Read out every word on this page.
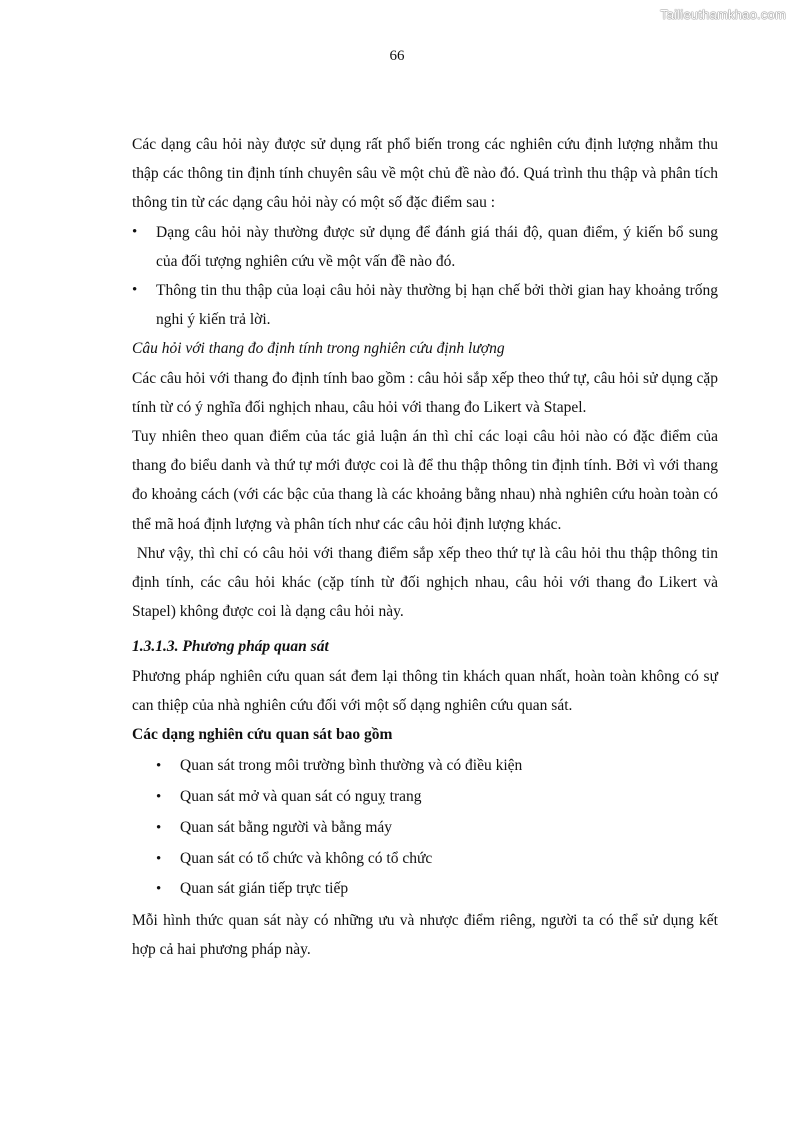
Tailieuthamkhao.com
66

Các dạng câu hỏi này được sử dụng rất phổ biến trong các nghiên cứu định lượng nhằm thu thập các thông tin định tính chuyên sâu về một chủ đề nào đó. Quá trình thu thập và phân tích thông tin từ các dạng câu hỏi này có một số đặc điểm sau :

• Dạng câu hỏi này thường được sử dụng để đánh giá thái độ, quan điểm, ý kiến bổ sung của đối tượng nghiên cứu về một vấn đề nào đó.
• Thông tin thu thập của loại câu hỏi này thường bị hạn chế bởi thời gian hay khoảng trống nghi ý kiến trả lời.

Câu hỏi với thang đo định tính trong nghiên cứu định lượng

Các câu hỏi với thang đo định tính bao gồm : câu hỏi sắp xếp theo thứ tự, câu hỏi sử dụng cặp tính từ có ý nghĩa đối nghịch nhau, câu hỏi với thang đo Likert và Stapel.

Tuy nhiên theo quan điểm của tác giả luận án thì chỉ các loại câu hỏi nào có đặc điểm của thang đo biểu danh và thứ tự mới được coi là để thu thập thông tin định tính. Bởi vì với thang đo khoảng cách (với các bậc của thang là các khoảng bằng nhau) nhà nghiên cứu hoàn toàn có thể mã hoá định lượng và phân tích như các câu hỏi định lượng khác.

Như vậy, thì chỉ có câu hỏi với thang điểm sắp xếp theo thứ tự là câu hỏi thu thập thông tin định tính, các câu hỏi khác (cặp tính từ đối nghịch nhau, câu hỏi với thang đo Likert và Stapel) không được coi là dạng câu hỏi này.

1.3.1.3. Phương pháp quan sát

Phương pháp nghiên cứu quan sát đem lại thông tin khách quan nhất, hoàn toàn không có sự can thiệp của nhà nghiên cứu đối với một số dạng nghiên cứu quan sát.

Các dạng nghiên cứu quan sát bao gồm

• Quan sát trong môi trường bình thường và có điều kiện
• Quan sát mở và quan sát có nguỵ trang
• Quan sát bằng người và bằng máy
• Quan sát có tổ chức và không có tổ chức
• Quan sát gián tiếp trực tiếp

Mỗi hình thức quan sát này có những ưu và nhược điểm riêng, người ta có thể sử dụng kết hợp cả hai phương pháp này.
